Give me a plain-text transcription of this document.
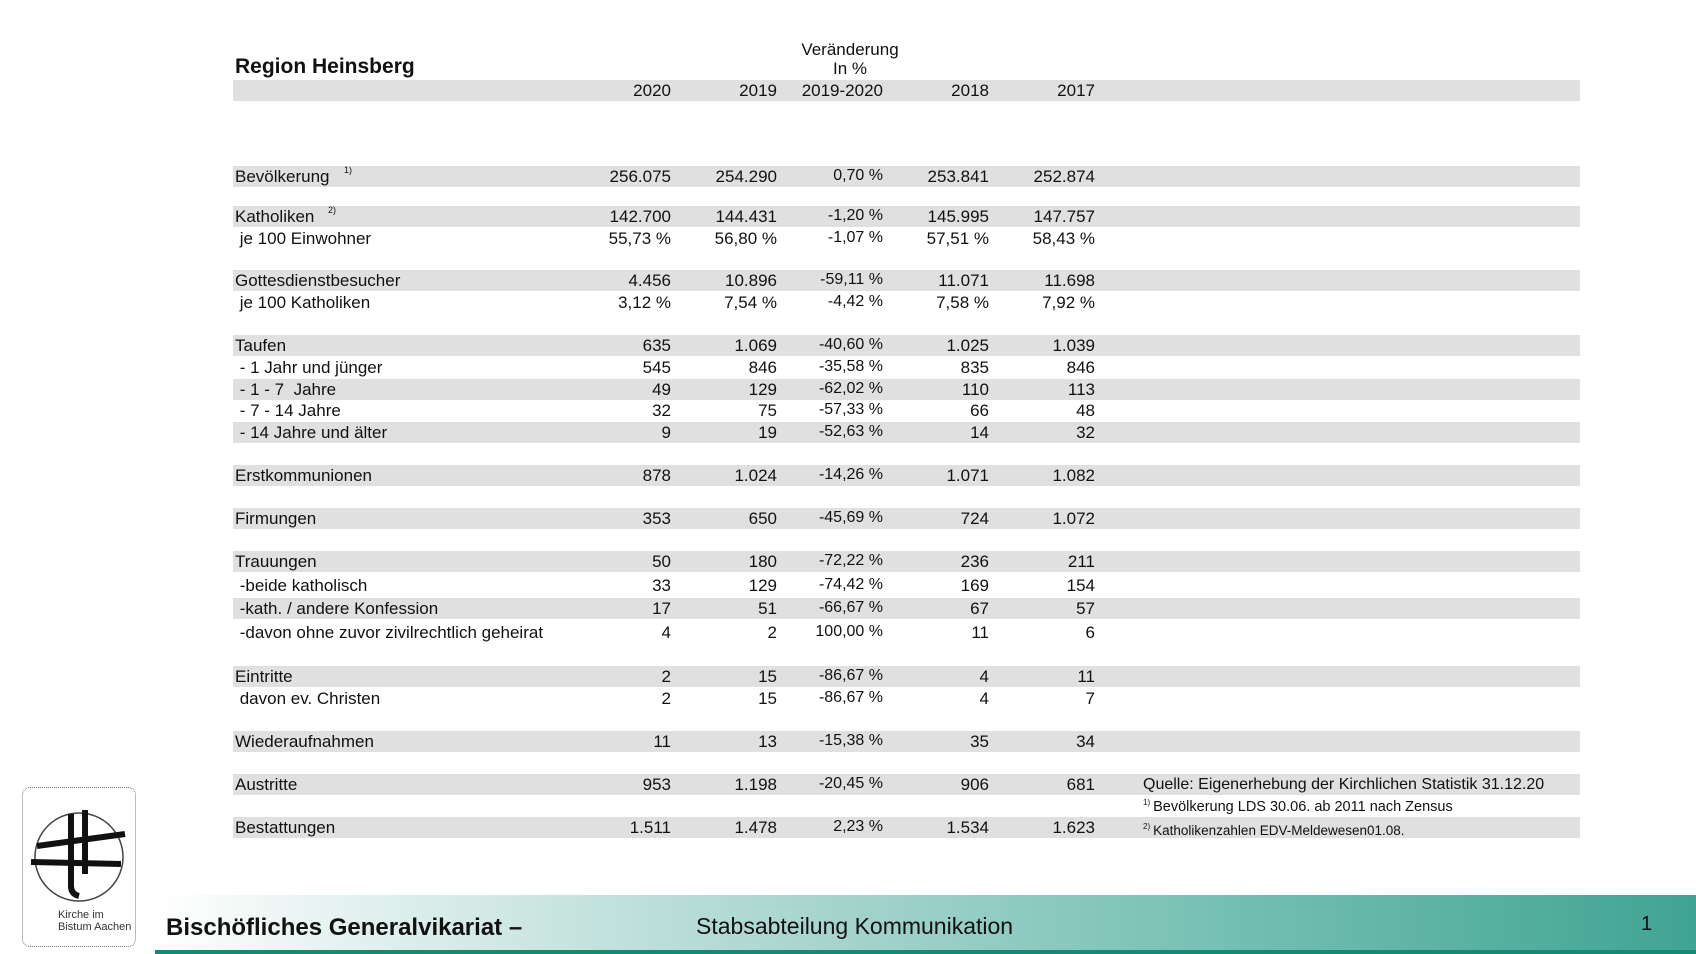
Region Heinsberg
Veränderung
In %
2020	2019	2019-2020	2018	2017
Bevölkerung 1)	256.075	254.290	0,70 %	253.841	252.874
Katholiken 2)	142.700	144.431	-1,20 %	145.995	147.757
je 100 Einwohner	55,73 %	56,80 %	-1,07 %	57,51 %	58,43 %
Gottesdienstbesucher	4.456	10.896	-59,11 %	11.071	11.698
je 100 Katholiken	3,12 %	7,54 %	-4,42 %	7,58 %	7,92 %
Taufen	635	1.069	-40,60 %	1.025	1.039
- 1 Jahr und jünger	545	846	-35,58 %	835	846
- 1 - 7  Jahre	49	129	-62,02 %	110	113
- 7 - 14 Jahre	32	75	-57,33 %	66	48
- 14 Jahre und älter	9	19	-52,63 %	14	32
Erstkommunionen	878	1.024	-14,26 %	1.071	1.082
Firmungen	353	650	-45,69 %	724	1.072
Trauungen	50	180	-72,22 %	236	211
-beide katholisch	33	129	-74,42 %	169	154
-kath. / andere Konfession	17	51	-66,67 %	67	57
-davon ohne zuvor zivilrechtlich geheirat	4	2	100,00 %	11	6
Eintritte	2	15	-86,67 %	4	11
davon ev. Christen	2	15	-86,67 %	4	7
Wiederaufnahmen	11	13	-15,38 %	35	34
Austritte	953	1.198	-20,45 %	906	681
Bestattungen	1.511	1.478	2,23 %	1.534	1.623
Quelle: Eigenerhebung der Kirchlichen Statistik 31.12.20
$^{1)}$ Bevölkerung LDS 30.06. ab 2011 nach Zensus
$^{2)}$ Katholikenzahlen EDV-Meldewesen01.08.
Kirche im
Bistum Aachen Bischöfliches Generalvikariat –	Stabsabteilung Kommunikation	1
